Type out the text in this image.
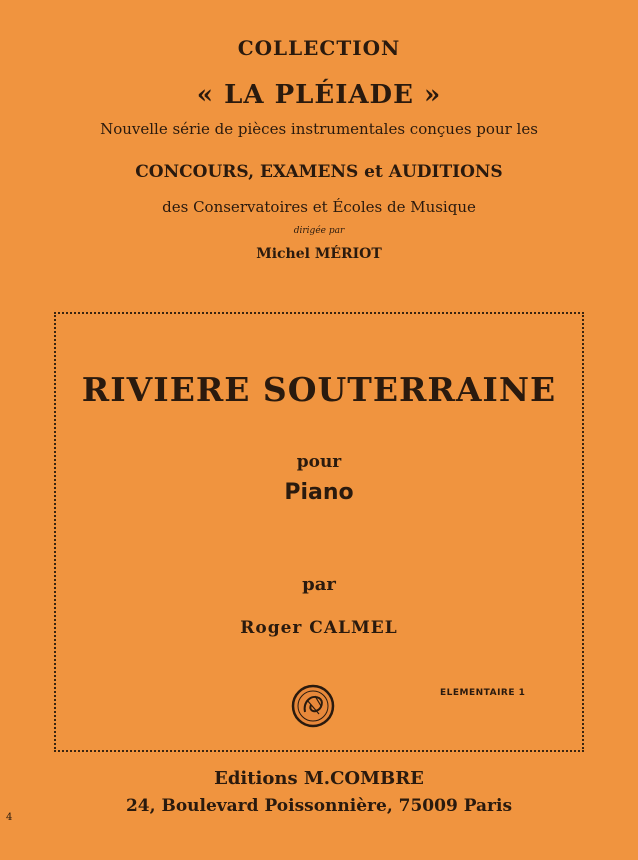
COLLECTION
« LA PLÉIADE »
Nouvelle série de pièces instrumentales conçues pour les
CONCOURS, EXAMENS et AUDITIONS
des Conservatoires et Écoles de Musique
dirigée par
Michel MÉRIOT
RIVIERE SOUTERRAINE
pour
Piano
par
Roger CALMEL
ELEMENTAIRE 1
Editions M.COMBRE
24, Boulevard Poissonnière, 75009 Paris
4
